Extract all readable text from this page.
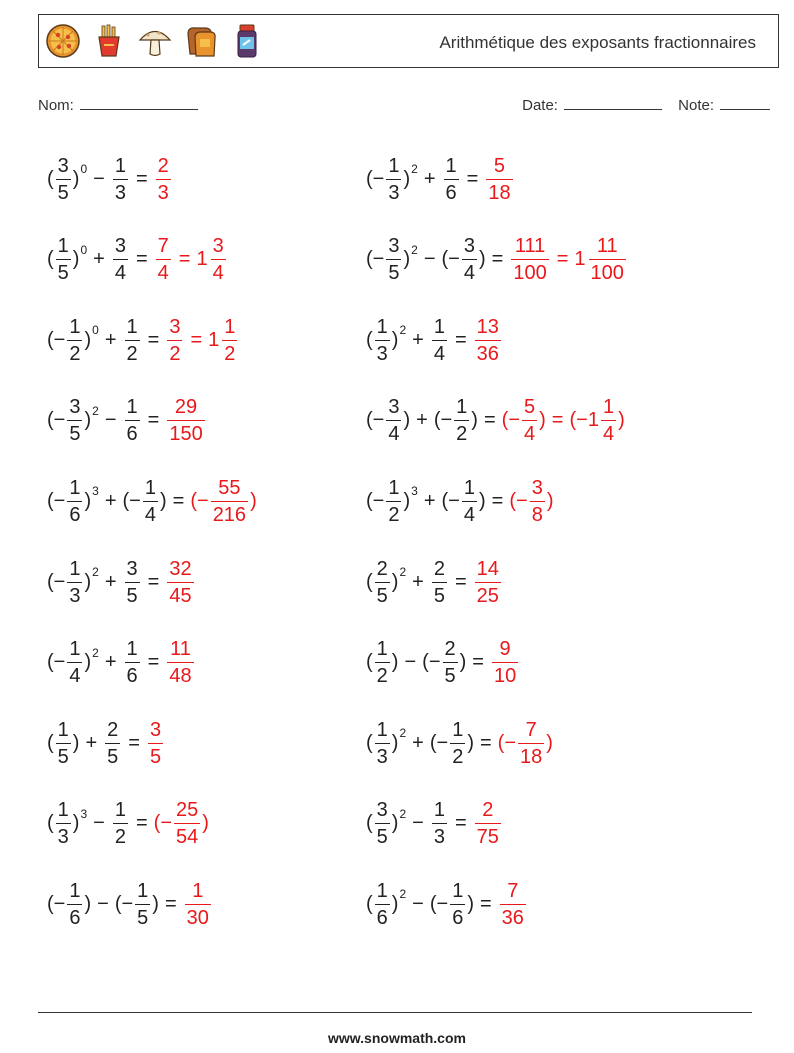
Arithmétique des exposants fractionnaires
Nom:	Date:	Note:
( $\frac{3}{5}$ ) $0 - \frac{1}{3} = \frac{2}{3}$	(− $\frac{1}{3}$ ) $2 + \frac{1}{6} = \frac{5}{18}$
( $\frac{1}{5}$ ) $0 + \frac{3}{4} = \frac{7}{4} = 1 \frac{3}{4}$	(− $\frac{3}{5}$ ) 2 − (− $\frac{3}{4}$ ) = $\frac{111}{100} = 1 \frac{11}{100}$
(− $\frac{1}{2}$ ) $0 + \frac{1}{2} = \frac{3}{2} = 1 \frac{1}{2}$	( $\frac{1}{3}$ ) $2 + \frac{1}{4} = \frac{13}{36}$
(− $\frac{3}{5}$ ) $2 - \frac{1}{6} = \frac{29}{150}$	(− $\frac{3}{4}$ ) + (− $\frac{1}{2}$ ) = (− $\frac{5}{4}$ ) = ($-1 \frac{1}{4}$ )
(− $\frac{1}{6}$ ) 3 + (− $\frac{1}{4}$ ) = (− $\frac{55}{216}$ )	(− $\frac{1}{2}$ ) 3 + (− $\frac{1}{4}$ ) = (− $\frac{3}{8}$ )
(− $\frac{1}{3}$ ) $2 + \frac{3}{5} = \frac{32}{45}$	( $\frac{2}{5}$ ) $2 + \frac{2}{5} = \frac{14}{25}$
(− $\frac{1}{4}$ ) $2 + \frac{1}{6} = \frac{11}{48}$	( $\frac{1}{2}$ ) − (− $\frac{2}{5}$ ) = $\frac{9}{10}$
( $\frac{1}{5}$ ) + $\frac{2}{5} = \frac{3}{5}$	( $\frac{1}{3}$ ) 2 + (− $\frac{1}{2}$ ) = (− $\frac{7}{18}$ )
( $\frac{1}{3}$ ) $3 - \frac{1}{2}$ = (− $\frac{25}{54}$ )	( $\frac{3}{5}$ ) $2 - \frac{1}{3} = \frac{2}{75}$
(− $\frac{1}{6}$ ) − (− $\frac{1}{5}$ ) = $\frac{1}{30}$	( $\frac{1}{6}$ ) 2 − (− $\frac{1}{6}$ ) = $\frac{7}{36}$
www.snowmath.com
